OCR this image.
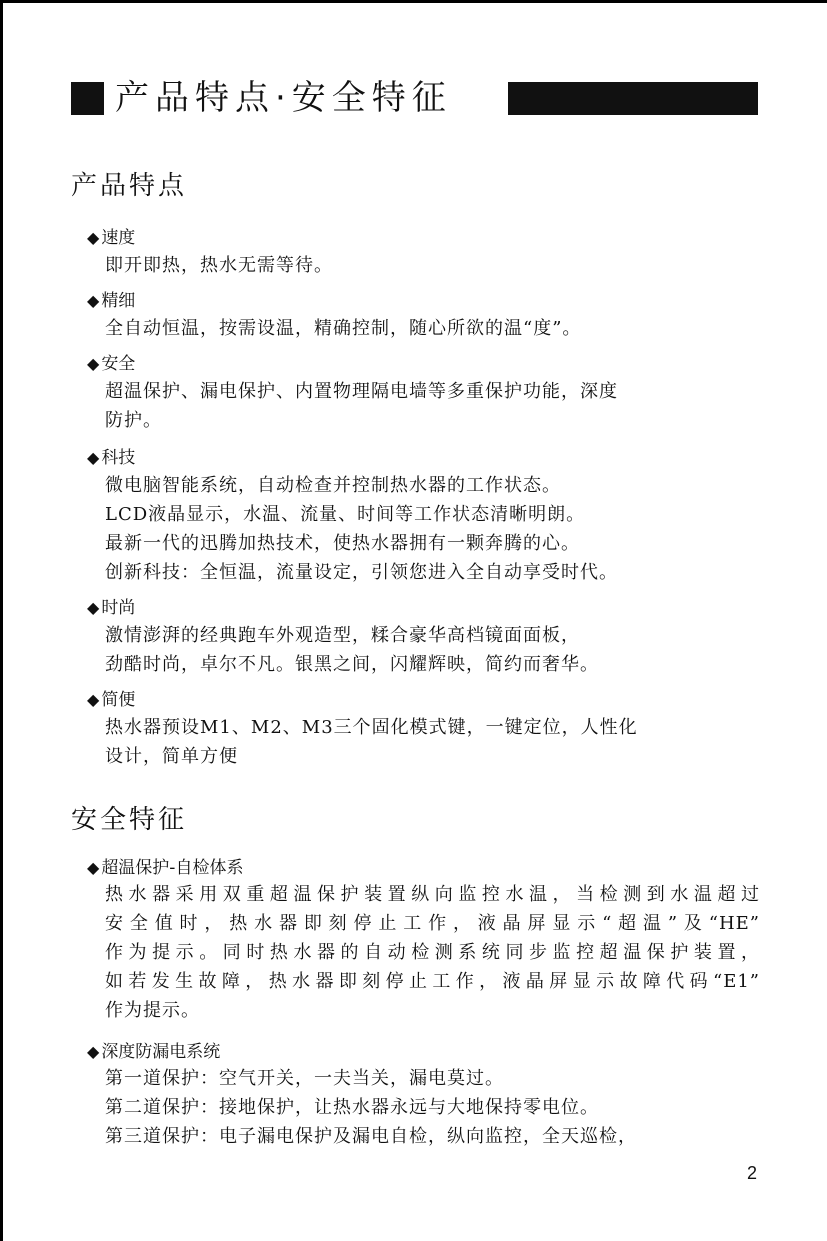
产品特点·安全特征
产品特点
◆ 速度
即开即热，热水无需等待。
◆ 精细
全自动恒温，按需设温，精确控制，随心所欲的温“度”。
◆ 安全
超温保护、漏电保护、内置物理隔电墙等多重保护功能，深度
防护。
◆ 科技
微电脑智能系统，自动检查并控制热水器的工作状态。
LCD液晶显示，水温、流量、时间等工作状态清晰明朗。
最新一代的迅腾加热技术，使热水器拥有一颗奔腾的心。
创新科技：全恒温，流量设定，引领您进入全自动享受时代。
◆ 时尚
激情澎湃的经典跑车外观造型，糅合豪华高档镜面面板，
劲酷时尚，卓尔不凡。银黑之间，闪耀辉映，简约而奢华。
◆ 简便
热水器预设M1、M2、M3三个固化模式键，一键定位，人性化
设计，简单方便
安全特征
◆ 超温保护-自检体系
热水器采用双重超温保护装置纵向监控水温，当检测到水温超过
安全值时，热水器即刻停止工作，液晶屏显示“超温”及“HE”
作为提示。同时热水器的自动检测系统同步监控超温保护装置，
如若发生故障，热水器即刻停止工作，液晶屏显示故障代码“E1”
作为提示。
◆ 深度防漏电系统
第一道保护：空气开关，一夫当关，漏电莫过。
第二道保护：接地保护，让热水器永远与大地保持零电位。
第三道保护：电子漏电保护及漏电自检，纵向监控，全天巡检，
2
